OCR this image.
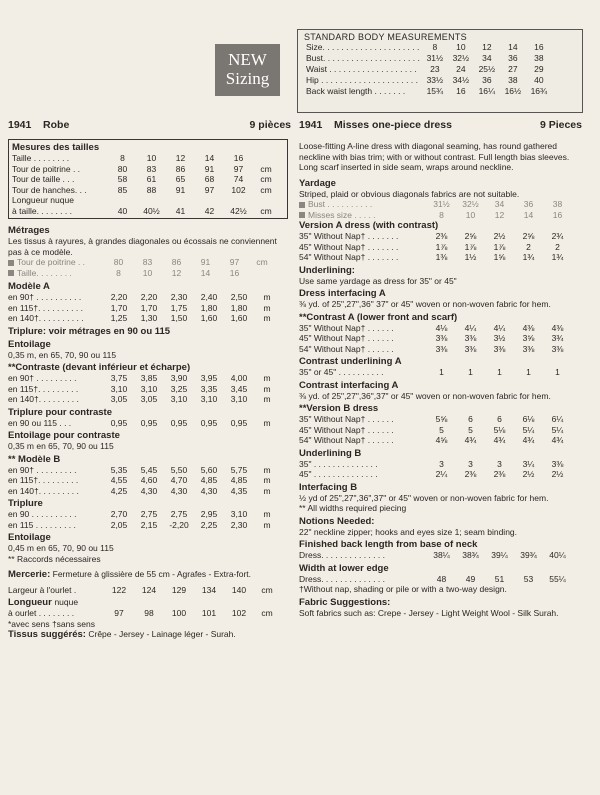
NEW
Sizing
STANDARD BODY MEASUREMENTS
Size. . . . . . . . . . . . . . . . . . . . .	8	10	12	14	16
Bust. . . . . . . . . . . . . . . . . . . . .	31½	32½	34	36	38
Waist . . . . . . . . . . . . . . . . . . .	23	24	25½	27	29
Hip . . . . . . . . . . . . . . . . . . . . .	33½	34½	36	38	40
Back waist length . . . . . . .	15¾	16	16¼	16½	16¾
1941 Robe	9 pièces
Mesures des tailles
Taille . . . . . . . .	8	10	12	14	16
Tour de poitrine . .	80	83	86	91	97	cm
Tour de taille . . .	58	61	65	68	74	cm
Tour de hanches. . .	85	88	91	97	102	cm
Longueur nuque
à taille. . . . . . . .	40	40½	41	42	42½	cm
Métrages
Les tissus à rayures, à grandes diagonales ou écossais ne conviennent pas à ce modèle.
Tour de poitrine . .	80	83	86	91	97	cm
Taille. . . . . . . .	8	10	12	14	16
Modèle A
en 90† . . . . . . . . . .	2,20	2,20	2,30	2,40	2,50	m
en 115†. . . . . . . . . .	1,70	1,70	1,75	1,80	1,80	m
en 140†. . . . . . . . . .	1,25	1,30	1,50	1,60	1,60	m
Triplure: voir métrages en 90 ou 115
Entoilage
0,35 m, en 65, 70, 90 ou 115
**Contraste (devant inférieur et écharpe)
en 90† . . . . . . . . .	3,75	3,85	3,90	3,95	4,00	m
en 115†. . . . . . . . .	3,10	3,10	3,25	3,35	3,45	m
en 140†. . . . . . . . .	3,05	3,05	3,10	3,10	3,10	m
Triplure pour contraste
en 90 ou 115 . . .	0,95	0,95	0,95	0,95	0,95	m
Entoilage pour contraste
0,35 m en 65, 70, 90 ou 115
** Modèle B
en 90† . . . . . . . . .	5,35	5,45	5,50	5,60	5,75	m
en 115†. . . . . . . . .	4,55	4,60	4,70	4,85	4,85	m
en 140†. . . . . . . . .	4,25	4,30	4,30	4,30	4,35	m
Triplure
en 90 . . . . . . . . . .	2,70	2,75	2,75	2,95	3,10	m
en 115 . . . . . . . . .	2,05	2,15	-2,20	2,25	2,30	m
Entoilage
0,45 m en 65, 70, 90 ou 115
** Raccords nécessaires
Mercerie: Fermeture à glissière de 55 cm - Agrafes - Extra-fort.
Largeur à l'ourlet .	122	124	129	134	140	cm
Longueur nuque
à ourlet . . . . . . . .	97	98	100	101	102	cm
*avec sens †sans sens
Tissus suggérés: Crêpe - Jersey - Lainage léger - Surah.
1941 Misses one-piece dress	9 Pieces
Loose-fitting A-line dress with diagonal seaming, has round gathered neckline with bias trim; with or without contrast. Full length bias sleeves. Long scarf inserted in side seam, wraps around neckline.
Yardage
Striped, plaid or obvious diagonals fabrics are not suitable.
Bust . . . . . . . . . .	31½	32½	34	36	38
Misses size . . . . .	8	10	12	14	16
Version A dress (with contrast)
35" Without Nap† . . . . . . .	2⅜	2⅝	2½	2⅝	2¾
45" Without Nap† . . . . . . .	1⅞	1⅞	1⅞	2	2
54" Without Nap† . . . . . . .	1⅜	1½	1⅝	1¾	1¾
Underlining:
Use same yardage as dress for 35" or 45"
Dress interfacing A
⅜ yd. of 25",27",36" 37" or 45" woven or non-woven fabric for hem.
**Contrast A (lower front and scarf)
35" Without Nap† . . . . . .	4⅛	4¼	4¼	4⅜	4⅜
45" Without Nap† . . . . . .	3⅜	3⅜	3½	3⅝	3¾
54" Without Nap† . . . . . .	3⅜	3⅜	3⅜	3⅜	3⅜
Contrast underlining A
35" or 45" . . . . . . . . . .	1	1	1	1	1
Contrast interfacing A
⅜ yd. of 25",27",36",37" or 45" woven or non-woven fabric for hem.
**Version B dress
35" Without Nap† . . . . . .	5⅝	6	6	6⅛	6¼
45" Without Nap† . . . . . .	5	5	5⅛	5¼	5¼
54" Without Nap† . . . . . .	4⅝	4¾	4¾	4¾	4¾
Underlining B
35" . . . . . . . . . . . . . .	3	3	3	3¼	3⅜
45" . . . . . . . . . . . . . .	2¼	2⅜	2⅜	2½	2½
Interfacing B
½ yd of 25",27",36",37" or 45" woven or non-woven fabric for hem.
** All widths required piecing
Notions Needed:
22" neckline zipper; hooks and eyes size 1; seam binding.
Finished back length from base of neck
Dress. . . . . . . . . . . . . .	38¼	38¾	39¼	39¾	40¼
Width at lower edge
Dress. . . . . . . . . . . . . .	48	49	51	53	55¼
†Without nap, shading or pile or with a two-way design.
Fabric Suggestions:
Soft fabrics such as: Crepe - Jersey - Light Weight Wool - Silk Surah.
